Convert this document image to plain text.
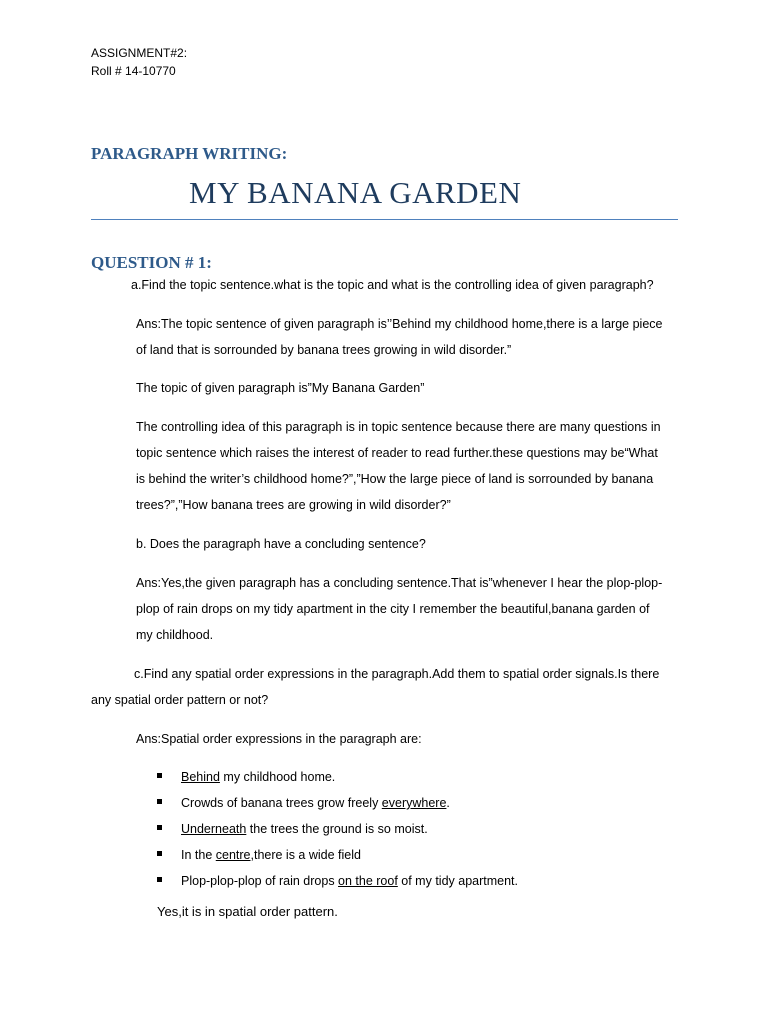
ASSIGNMENT#2:
Roll # 14-10770
PARAGRAPH WRITING:
MY BANANA GARDEN
QUESTION # 1:
a.Find the topic sentence.what is the topic and what is the controlling idea of given paragraph?
Ans:The topic sentence of given paragraph is’’Behind my childhood home,there is a large piece
of land that is sorrounded by banana trees growing in wild disorder.”
The topic of given paragraph is”My Banana Garden”
The controlling idea of this paragraph is in topic sentence because there are many questions in
topic sentence which raises the interest of reader to read further.these questions may be“What
is behind the writer’s childhood home?”,”How the large piece of land is sorrounded by banana
trees?”,”How banana trees are growing in wild disorder?”
b. Does the paragraph have a concluding sentence?
Ans:Yes,the given paragraph has a concluding sentence.That is”whenever I hear the plop-plop-
plop of rain drops on my tidy apartment in the city I remember the beautiful,banana garden of
my childhood.
c.Find any spatial order expressions in the paragraph.Add them to spatial order signals.Is there
any spatial order pattern or not?
Ans:Spatial order expressions in the paragraph are:
Behind my childhood home.
Crowds of banana trees grow freely everywhere.
Underneath the trees the ground is so moist.
In the centre,there is a wide field
Plop-plop-plop of rain drops on the roof of my tidy apartment.
Yes,it is in spatial order pattern.
